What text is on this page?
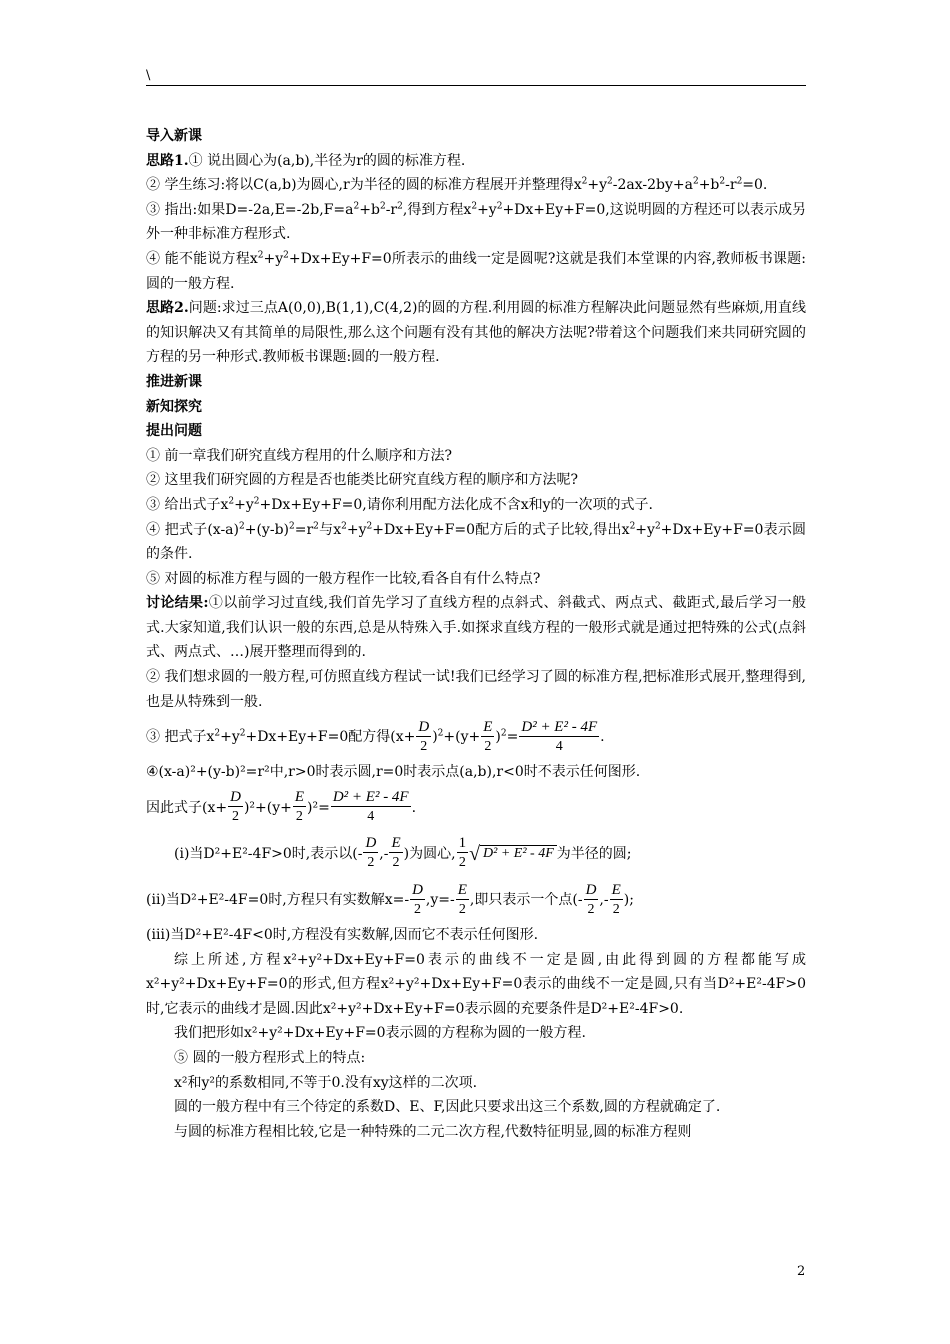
\

导入新课

思路1.① 说出圆心为(a,b),半径为r的圆的标准方程.

② 学生练习:将以C(a,b)为圆心,r为半径的圆的标准方程展开并整理得$x^2+y^2-2ax-2by+a^2+b^2-r^2=0$.

③ 指出:如果$D=-2a,E=-2b,F=a^2+b^2-r^2$,得到方程$x^2+y^2+Dx+Ey+F=0$,这说明圆的方程还可以表示成另外一种非标准方程形式.

④ 能不能说方程$x^2+y^2+Dx+Ey+F=0$所表示的曲线一定是圆呢?这就是我们本堂课的内容,教师板书课题:圆的一般方程.

思路2.问题:求过三点A(0,0),B(1,1),C(4,2)的圆的方程.利用圆的标准方程解决此问题显然有些麻烦,用直线的知识解决又有其简单的局限性,那么这个问题有没有其他的解决方法呢?带着这个问题我们来共同研究圆的方程的另一种形式.教师板书课题:圆的一般方程.

推进新课

新知探究

提出问题

① 前一章我们研究直线方程用的什么顺序和方法?

② 这里我们研究圆的方程是否也能类比研究直线方程的顺序和方法呢?

③ 给出式子$x^2+y^2+Dx+Ey+F=0$,请你利用配方法化成不含x和y的一次项的式子.

④ 把式子$(x-a)^2+(y-b)^2=r^2$与$x^2+y^2+Dx+Ey+F=0$配方后的式子比较,得出$x^2+y^2+Dx+Ey+F=0$表示圆的条件.

⑤ 对圆的标准方程与圆的一般方程作一比较,看各自有什么特点?

讨论结果:①以前学习过直线,我们首先学习了直线方程的点斜式、斜截式、两点式、截距式,最后学习一般式.大家知道,我们认识一般的东西,总是从特殊入手.如探求直线方程的一般形式就是通过把特殊的公式(点斜式、两点式、…)展开整理而得到的.

② 我们想求圆的一般方程,可仿照直线方程试一试!我们已经学习了圆的标准方程,把标准形式展开,整理得到,也是从特殊到一般.

③ 把式子$x^2+y^2+Dx+Ey+F=0$配方得$(x+ \frac{D}{2} )^2+(y+ \frac{E}{2} )^2= \frac{\text{D² + E² - 4F}}{4}$ .

④(x-a)²+(y-b)²=r²中,r>0时表示圆,r=0时表示点(a,b),r<0时不表示任何图形.

因此式子$(x+ \frac{D}{2} )^2+(y+ \frac{E}{2} )^2= \frac{\text{D² + E² - 4F}}{4}$ .

(ⅰ)当D²+E²-4F>0时,表示以(- $\frac{D}{2}$ ,- $\frac{E}{2}$ )为圆心, $\frac{1}{2}$ √ D² + E² - 4F 为半径的圆;

(ⅱ)当D²+E²-4F=0时,方程只有实数解$x=- \frac{D}{2} ,y=- \frac{E}{2}$ ,即只表示一个点(- $\frac{D}{2}$ ,- $\frac{E}{2}$ );

(ⅲ)当D²+E²-4F<0时,方程没有实数解,因而它不表示任何图形.

综上所述,方程x²+y²+Dx+Ey+F=0表示的曲线不一定是圆,由此得到圆的方程都能写成x²+y²+Dx+Ey+F=0的形式,但方程x²+y²+Dx+Ey+F=0表示的曲线不一定是圆,只有当D²+E²-4F>0时,它表示的曲线才是圆.因此x²+y²+Dx+Ey+F=0表示圆的充要条件是D²+E²-4F>0.

我们把形如x²+y²+Dx+Ey+F=0表示圆的方程称为圆的一般方程.

⑤ 圆的一般方程形式上的特点:

x²和y²的系数相同,不等于0.没有xy这样的二次项.

圆的一般方程中有三个待定的系数D、E、F,因此只要求出这三个系数,圆的方程就确定了.

与圆的标准方程相比较,它是一种特殊的二元二次方程,代数特征明显,圆的标准方程则

2
